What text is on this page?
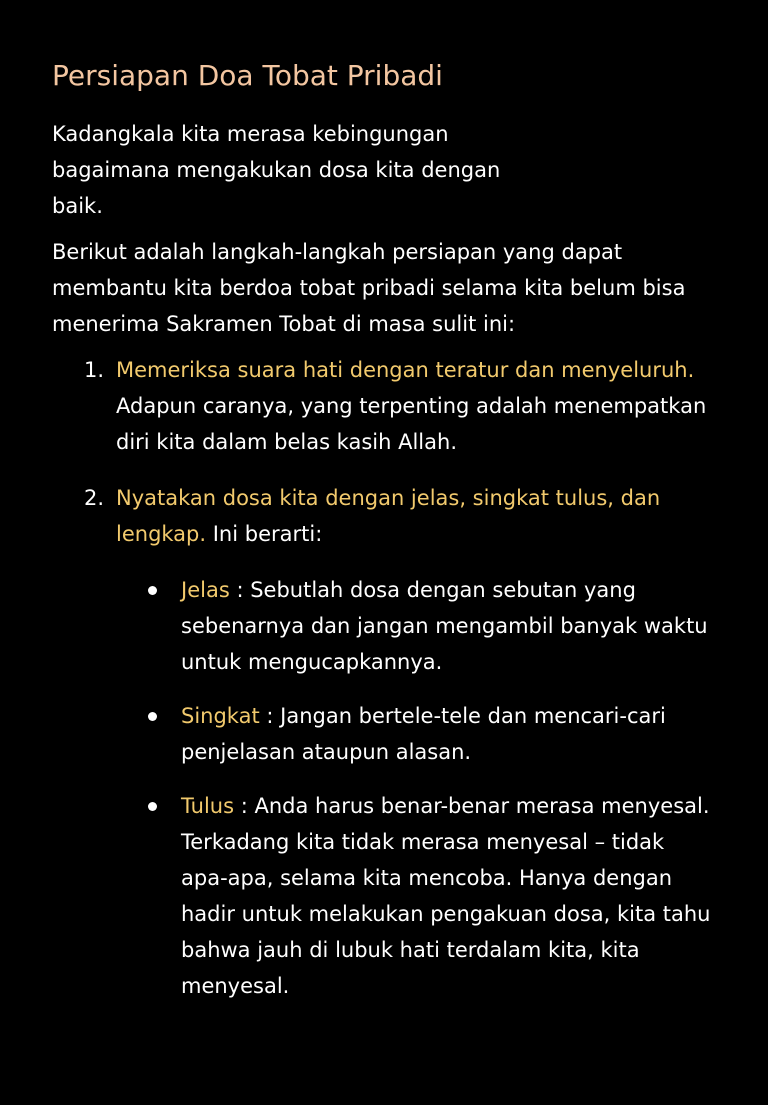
Persiapan Doa Tobat Pribadi

Kadangkala kita merasa kebingungan bagaimana mengakukan dosa kita dengan baik.

Berikut adalah langkah-langkah persiapan yang dapat membantu kita berdoa tobat pribadi selama kita belum bisa menerima Sakramen Tobat di masa sulit ini:

1. Memeriksa suara hati dengan teratur dan menyeluruh. Adapun caranya, yang terpenting adalah menempatkan diri kita dalam belas kasih Allah.
2. Nyatakan dosa kita dengan jelas, singkat tulus, dan lengkap. Ini berarti:
Jelas : Sebutlah dosa dengan sebutan yang sebenarnya dan jangan mengambil banyak waktu untuk mengucapkannya.
Singkat : Jangan bertele-tele dan mencari-cari penjelasan ataupun alasan.
Tulus : Anda harus benar-benar merasa menyesal. Terkadang kita tidak merasa menyesal – tidak apa-apa, selama kita mencoba. Hanya dengan hadir untuk melakukan pengakuan dosa, kita tahu bahwa jauh di lubuk hati terdalam kita, kita menyesal.
